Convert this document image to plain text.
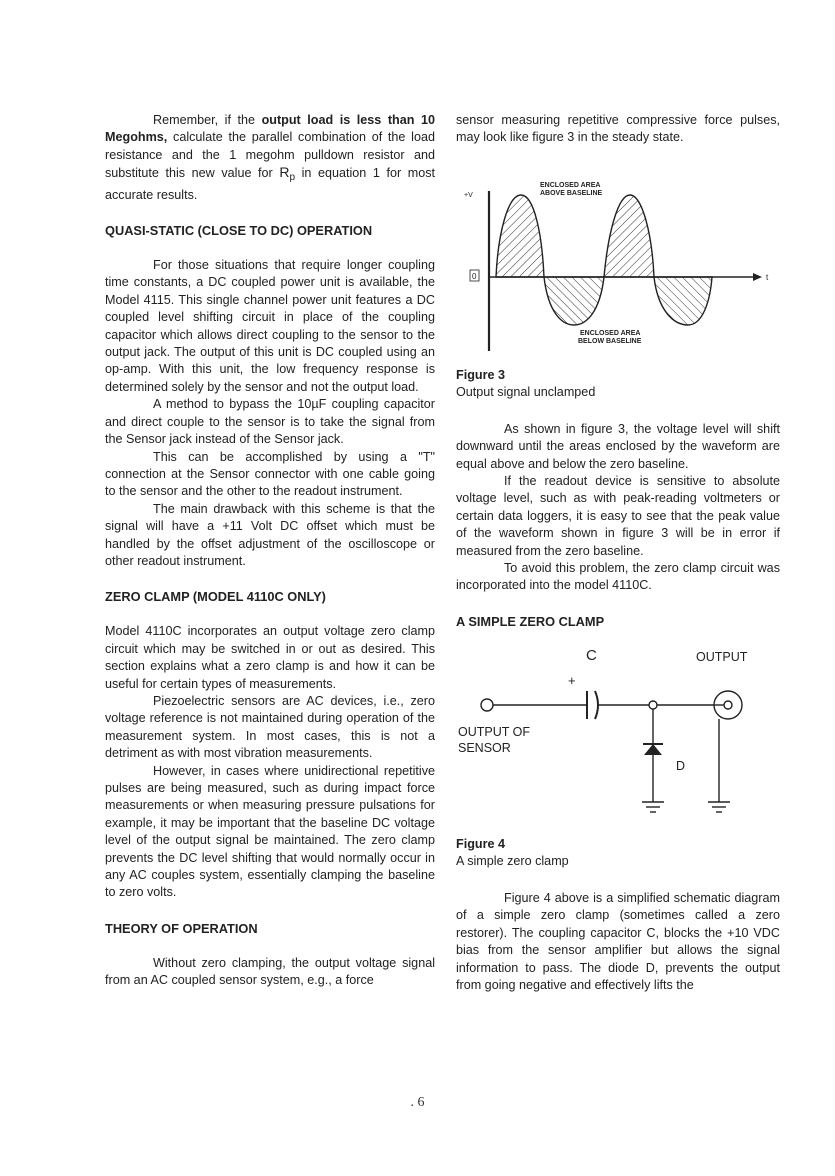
Remember, if the output load is less than 10 Megohms, calculate the parallel combination of the load resistance and the 1 megohm pulldown resistor and substitute this new value for $R_p$ in equation 1 for most accurate results.

QUASI-STATIC (CLOSE TO DC) OPERATION

For those situations that require longer coupling time constants, a DC coupled power unit is available, the Model 4115. This single channel power unit features a DC coupled level shifting circuit in place of the coupling capacitor which allows direct coupling to the sensor to the output jack. The output of this unit is DC coupled using an op-amp. With this unit, the low frequency response is determined solely by the sensor and not the output load.

A method to bypass the 10µF coupling capacitor and direct couple to the sensor is to take the signal from the Sensor jack instead of the Sensor jack.

This can be accomplished by using a "T" connection at the Sensor connector with one cable going to the sensor and the other to the readout instrument.

The main drawback with this scheme is that the signal will have a +11 Volt DC offset which must be handled by the offset adjustment of the oscilloscope or other readout instrument.

ZERO CLAMP (MODEL 4110C ONLY)

Model 4110C incorporates an output voltage zero clamp circuit which may be switched in or out as desired. This section explains what a zero clamp is and how it can be useful for certain types of measurements.

Piezoelectric sensors are AC devices, i.e., zero voltage reference is not maintained during operation of the measurement system. In most cases, this is not a detriment as with most vibration measurements.

However, in cases where unidirectional repetitive pulses are being measured, such as during impact force measurements or when measuring pressure pulsations for example, it may be important that the baseline DC voltage level of the output signal be maintained. The zero clamp prevents the DC level shifting that would normally occur in any AC couples system, essentially clamping the baseline to zero volts.

THEORY OF OPERATION

Without zero clamping, the output voltage signal from an AC coupled sensor system, e.g., a force

sensor measuring repetitive compressive force pulses, may look like figure 3 in the steady state.

+V
0	t
ENCLOSED AREA
ABOVE BASELINE
ENCLOSED AREA
BELOW BASELINE

Figure 3

Output signal unclamped

As shown in figure 3, the voltage level will shift downward until the areas enclosed by the waveform are equal above and below the zero baseline.

If the readout device is sensitive to absolute voltage level, such as with peak-reading voltmeters or certain data loggers, it is easy to see that the peak value of the waveform shown in figure 3 will be in error if measured from the zero baseline.

To avoid this problem, the zero clamp circuit was incorporated into the model 4110C.

A SIMPLE ZERO CLAMP
C
+
OUTPUT
OUTPUT OF
SENSOR
D

Figure 4

A simple zero clamp

Figure 4 above is a simplified schematic diagram of a simple zero clamp (sometimes called a zero restorer). The coupling capacitor C, blocks the +10 VDC bias from the sensor amplifier but allows the signal information to pass. The diode D, prevents the output from going negative and effectively lifts the

. 6
